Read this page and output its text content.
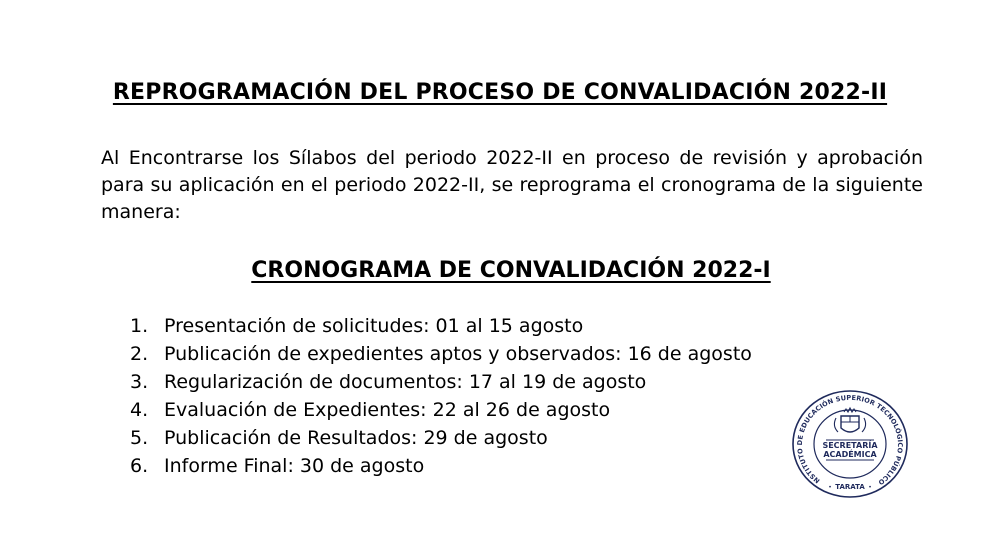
REPROGRAMACIÓN DEL PROCESO DE CONVALIDACIÓN 2022-II
Al Encontrarse los Sílabos del periodo 2022-II en proceso de revisión y aprobación para su aplicación en el periodo 2022-II, se reprograma el cronograma de la siguiente manera:
CRONOGRAMA DE CONVALIDACIÓN 2022-I
1. Presentación de solicitudes: 01 al 15 agosto
2. Publicación de expedientes aptos y observados: 16 de agosto
3. Regularización de documentos: 17 al 19 de agosto
4. Evaluación de Expedientes: 22 al 26 de agosto
5. Publicación de Resultados: 29 de agosto
6. Informe Final: 30 de agosto
NSTITUTO DE EDUCACIÓN SUPERIOR TECNOLÓGICO PÚBLICO
SECRETARÍA
ACADÉMICA
TARATA
•	•
